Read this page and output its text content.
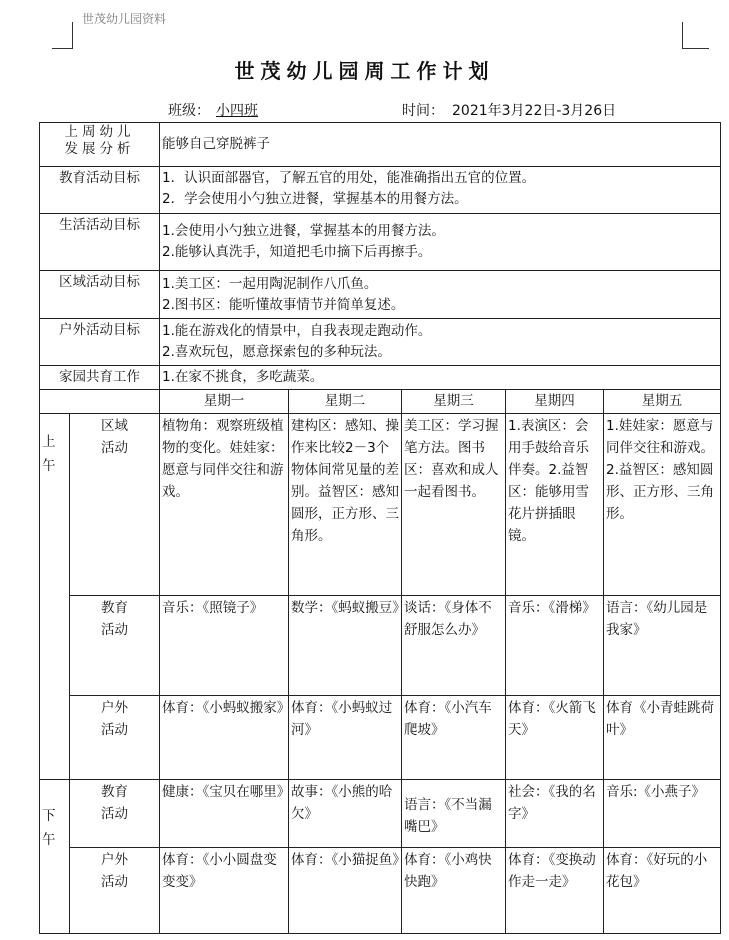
世茂幼儿园资料
世茂幼儿园周工作计划
班级： 小四班	时间： 2021年3月22日-3月26日
上周幼儿
发展分析		能够自己穿脱裤子				

教育活动目标		1．认识面部器官，了解五官的用处，能准确指出五官的位置。
2．学会使用小勺独立进餐，掌握基本的用餐方法。				

生活活动目标		1.会使用小勺独立进餐，掌握基本的用餐方法。
2.能够认真洗手，知道把毛巾摘下后再擦手。				

区域活动目标		1.美工区：一起用陶泥制作八爪鱼。
2.图书区：能听懂故事情节并简单复述。				

户外活动目标		1.能在游戏化的情景中，自我表现走跑动作。
2.喜欢玩包，愿意探索包的多种玩法。				

家园共育工作		1.在家不挑食，多吃蔬菜。				

		星期一	星期二	星期三	星期四	星期五

上
午	区域
活动	植物角：观察班级植物的变化。娃娃家：愿意与同伴交往和游戏。	建构区：感知、操作来比较2－3个物体间常见量的差别。益智区：感知圆形，正方形、三角形。	美工区：学习握笔方法。图书区：喜欢和成人一起看图书。	1.表演区：会用手鼓给音乐伴奏。2.益智区：能够用雪花片拼插眼镜。	1.娃娃家：愿意与同伴交往和游戏。2.益智区：感知圆形、正方形、三角形。

	教育
活动	音乐：《照镜子》	数学：《蚂蚁搬豆》	谈话：《身体不舒服怎么办》	音乐：《滑梯》	语言：《幼儿园是我家》

	户外
活动	体育：《小蚂蚁搬家》	体育：《小蚂蚁过河》	体育：《小汽车爬坡》	体育：《火箭飞天》	体育《小青蛙跳荷叶》

下
午	教育
活动	健康：《宝贝在哪里》	故事：《小熊的哈欠》	语言：《不当漏嘴巴》	社会：《我的名字》	音乐:《小燕子》

	户外
活动	体育：《小小圆盘变变变》	体育：《小猫捉鱼》	体育：《小鸡快快跑》	体育：《变换动作走一走》	体育：《好玩的小花包》
